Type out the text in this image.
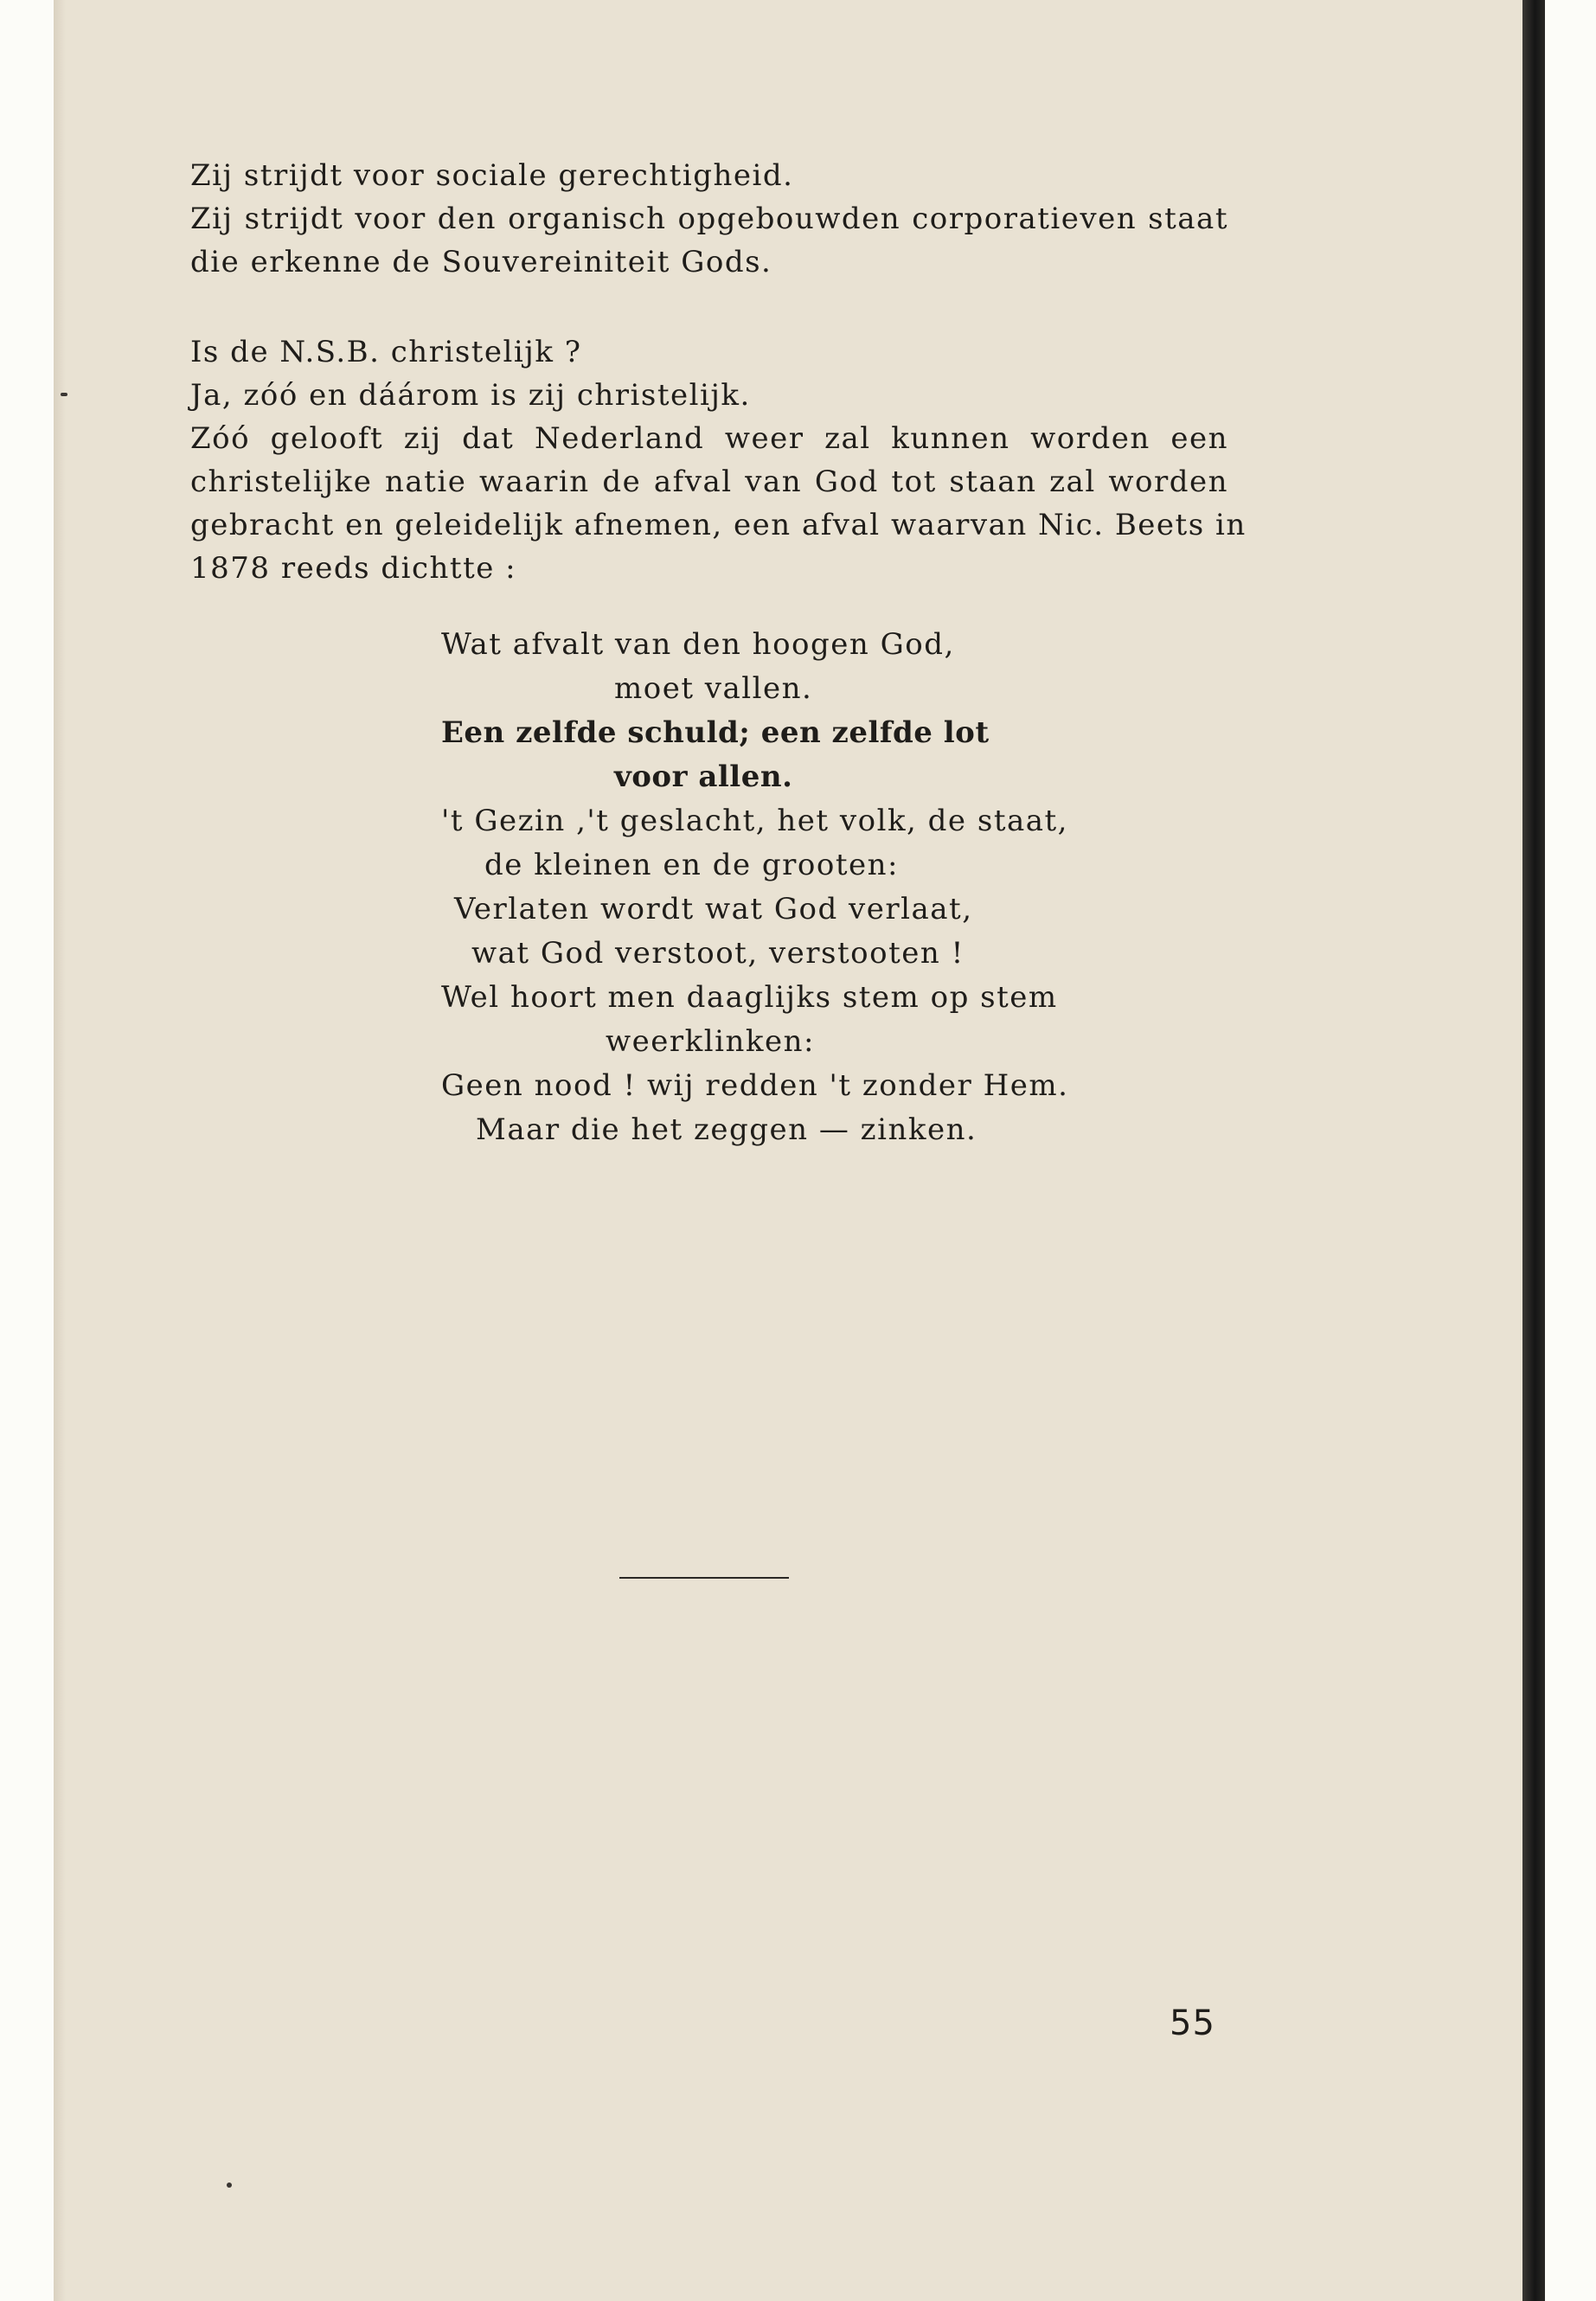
Zij strijdt voor sociale gerechtigheid.
Zij strijdt voor den organisch opgebouwden corporatieven staat
die erkenne de Souvereiniteit Gods.
Is de N.S.B. christelijk ?
Ja, zóó en dáárom is zij christelijk.
Zóó gelooft zij dat Nederland weer zal kunnen worden een
christelijke natie waarin de afval van God tot staan zal worden
gebracht en geleidelijk afnemen, een afval waarvan Nic. Beets in
1878 reeds dichtte :
Wat afvalt van den hoogen God,
moet vallen.
Een zelfde schuld; een zelfde lot
voor allen.
't Gezin ,'t geslacht, het volk, de staat,
de kleinen en de grooten:
Verlaten wordt wat God verlaat,
wat God verstoot, verstooten !
Wel hoort men daaglijks stem op stem
weerklinken:
Geen nood ! wij redden 't zonder Hem.
Maar die het zeggen — zinken.
55
